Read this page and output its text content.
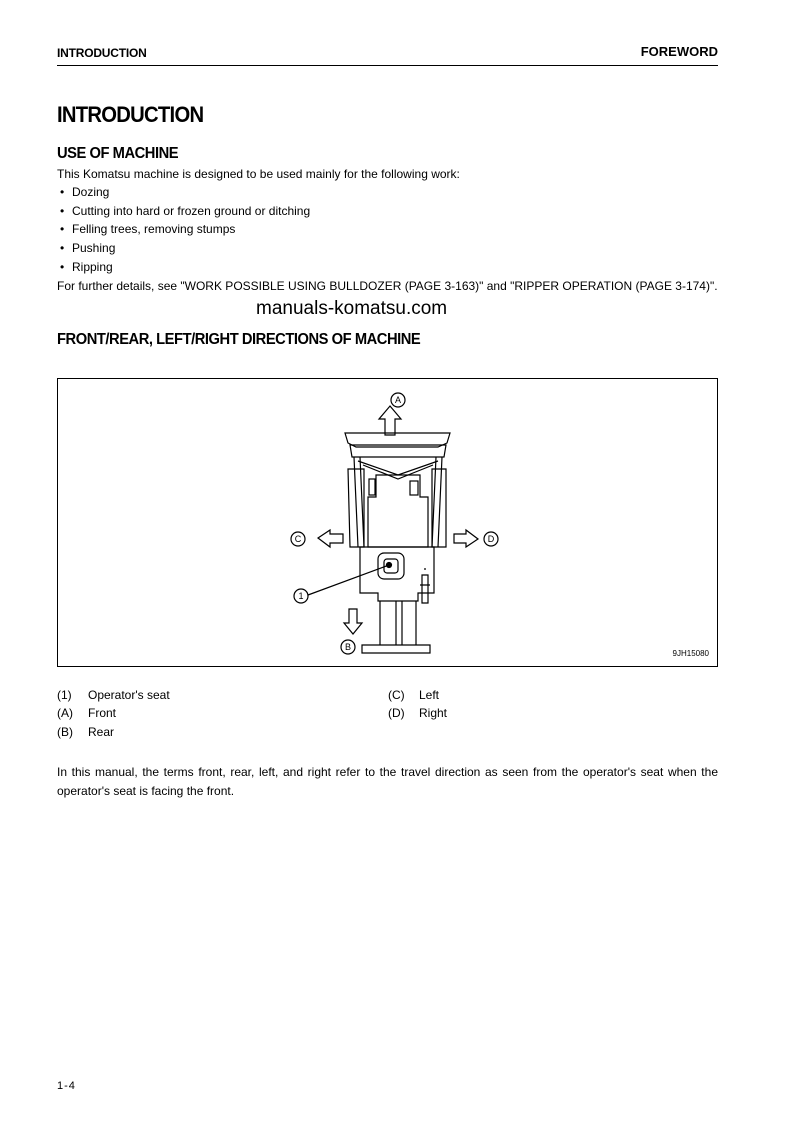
INTRODUCTION	FOREWORD
INTRODUCTION
USE OF MACHINE
This Komatsu machine is designed to be used mainly for the following work:
• Dozing
• Cutting into hard or frozen ground or ditching
• Felling trees, removing stumps
• Pushing
• Ripping
For further details, see "WORK POSSIBLE USING BULLDOZER (PAGE 3-163)" and "RIPPER OPERATION (PAGE 3-174)".
manuals-komatsu.com
FRONT/REAR, LEFT/RIGHT DIRECTIONS OF MACHINE
A
B
C	D
1
9JH15080
(1) Operator's seat
(A) Front
(B) Rear
(C) Left
(D) Right
In this manual, the terms front, rear, left, and right refer to the travel direction as seen from the operator's seat when the operator's seat is facing the front.
1-4
